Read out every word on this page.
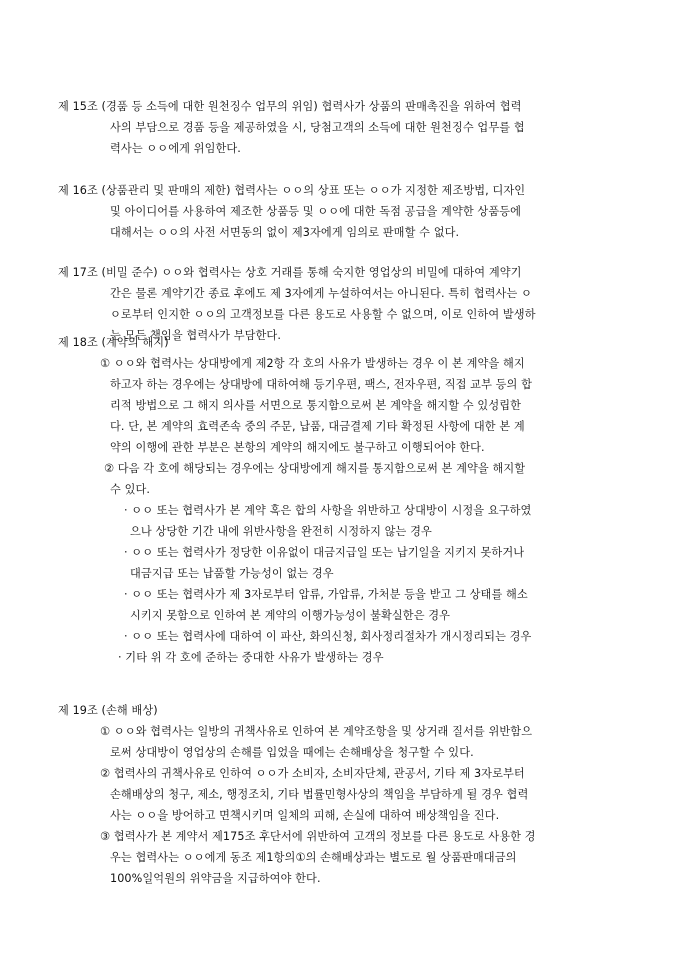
제 15조 (경품 등 소득에 대한 원천징수 업무의 위임) 협력사가 상품의 판매촉진을 위하여 협력
사의 부담으로 경품 등을 제공하였을 시, 당첨고객의 소득에 대한 원천징수 업무를 협
력사는 ㅇㅇ에게 위임한다.
제 16조 (상품관리 및 판매의 제한) 협력사는 ㅇㅇ의 상표 또는 ㅇㅇ가 지정한 제조방법, 디자인
및 아이디어를 사용하여 제조한 상품등 및 ㅇㅇ에 대한 독점 공급을 계약한 상품등에
대해서는 ㅇㅇ의 사전 서면동의 없이 제3자에게 임의로 판매할 수 없다.
제 17조 (비밀 준수) ㅇㅇ와 협력사는 상호 거래를 통해 숙지한 영업상의 비밀에 대하여 계약기
간은 물론 계약기간 종료 후에도 제 3자에게 누설하여서는 아니된다. 특히 협력사는 ㅇ
ㅇ로부터 인지한 ㅇㅇ의 고객정보를 다른 용도로 사용할 수 없으며, 이로 인하여 발생하
는 모든 책임을 협력사가 부담한다.
제 18조 (계약의 해지)
① ㅇㅇ와 협력사는 상대방에게 제2항 각 호의 사유가 발생하는 경우 이 본 계약을 해지
하고자 하는 경우에는 상대방에 대하여해 등기우편, 팩스, 전자우편, 직접 교부 등의 합
리적 방법으로 그 해지 의사를 서면으로 통지함으로써 본 계약을 해지할 수 있성립한
다. 단, 본 계약의 효력존속 중의 주문, 납품, 대금결제 기타 확정된 사항에 대한 본 계
약의 이행에 관한 부분은 본항의 계약의 해지에도 불구하고 이행되어야 한다.
② 다음 각 호에 해당되는 경우에는 상대방에게 해지를 통지함으로써 본 계약을 해지할
수 있다.
· ㅇㅇ 또는 협력사가 본 계약 혹은 합의 사항을 위반하고 상대방이 시정을 요구하였
으나 상당한 기간 내에 위반사항을 완전히 시정하지 않는 경우
· ㅇㅇ 또는 협력사가 정당한 이유없이 대금지급일 또는 납기일을 지키지 못하거나
대금지급 또는 납품할 가능성이 없는 경우
· ㅇㅇ 또는 협력사가 제 3자로부터 압류, 가압류, 가처분 등을 받고 그 상태를 해소
시키지 못함으로 인하여 본 계약의 이행가능성이 불확실한은 경우
· ㅇㅇ 또는 협력사에 대하여 이 파산, 화의신청, 회사정리절차가 개시정리되는 경우
· 기타 위 각 호에 준하는 중대한 사유가 발생하는 경우
제 19조 (손해 배상)
① ㅇㅇ와 협력사는 일방의 귀책사유로 인하여 본 계약조항을 및 상거래 질서를 위반함으
로써 상대방이 영업상의 손해를 입었을 때에는 손해배상을 청구할 수 있다.
② 협력사의 귀책사유로 인하여 ㅇㅇ가 소비자, 소비자단체, 관공서, 기타 제 3자로부터
손해배상의 청구, 제소, 행정조치, 기타 법률민형사상의 책임을 부담하게 될 경우 협력
사는 ㅇㅇ을 방어하고 면책시키며 일체의 피해, 손실에 대하여 배상책임을 진다.
③ 협력사가 본 계약서 제175조 후단서에 위반하여 고객의 정보를 다른 용도로 사용한 경
우는 협력사는 ㅇㅇ에게 동조 제1항의①의 손해배상과는 별도로 월 상품판매대금의
100%일억원의 위약금을 지급하여야 한다.
